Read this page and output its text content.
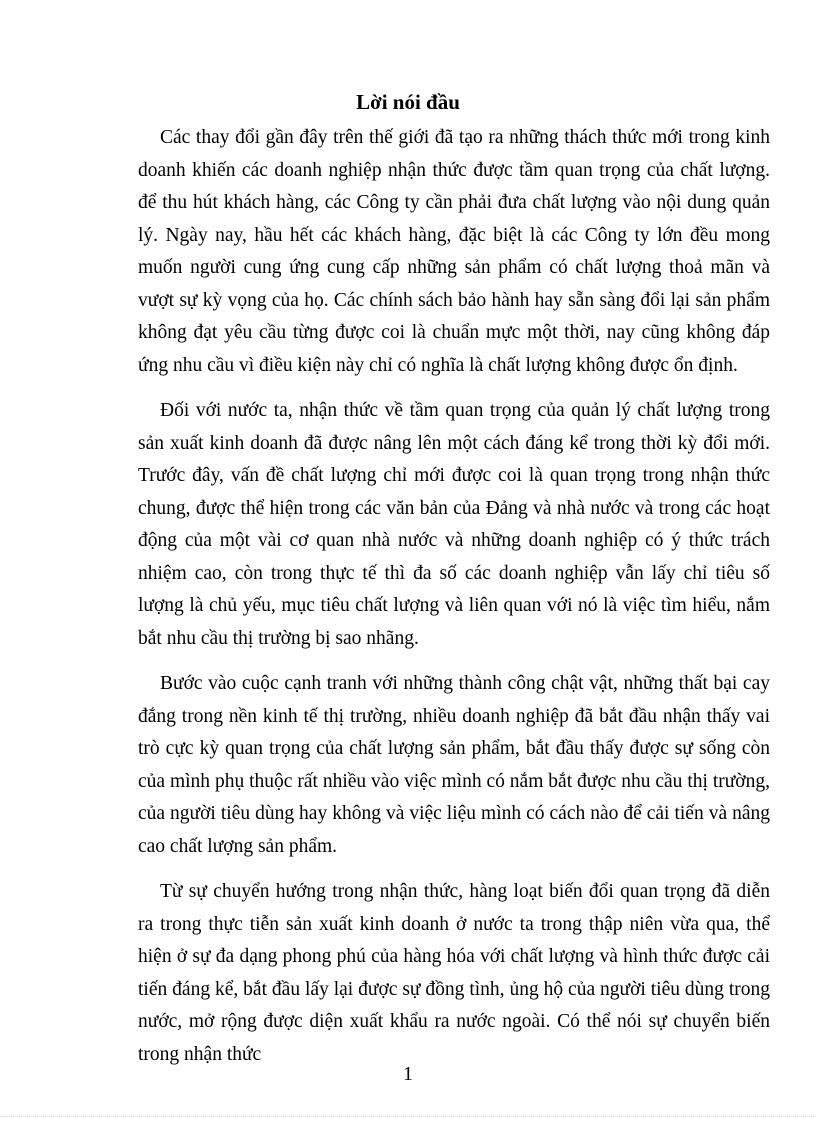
Lời nói đầu

Các thay đổi gần đây trên thế giới đã tạo ra những thách thức mới trong kinh doanh khiến các doanh nghiệp nhận thức được tầm quan trọng của chất lượng. để thu hút khách hàng, các Công ty cần phải đưa chất lượng vào nội dung quản lý. Ngày nay, hầu hết các khách hàng, đặc biệt là các Công ty lớn đều mong muốn người cung ứng cung cấp những sản phẩm có chất lượng thoả mãn và vượt sự kỳ vọng của họ. Các chính sách bảo hành hay sẵn sàng đổi lại sản phẩm không đạt yêu cầu từng được coi là chuẩn mực một thời, nay cũng không đáp ứng nhu cầu vì điều kiện này chỉ có nghĩa là chất lượng không được ổn định.

Đối với nước ta, nhận thức về tầm quan trọng của quản lý chất lượng trong sản xuất kinh doanh đã được nâng lên một cách đáng kể trong thời kỳ đổi mới. Trước đây, vấn đề chất lượng chỉ mới được coi là quan trọng trong nhận thức chung, được thể hiện trong các văn bản của Đảng và nhà nước và trong các hoạt động của một vài cơ quan nhà nước và những doanh nghiệp có ý thức trách nhiệm cao, còn trong thực tế thì đa số các doanh nghiệp vẫn lấy chỉ tiêu số lượng là chủ yếu, mục tiêu chất lượng và liên quan với nó là việc tìm hiểu, nắm bắt nhu cầu thị trường bị sao nhãng.

Bước vào cuộc cạnh tranh với những thành công chật vật, những thất bại cay đắng trong nền kinh tế thị trường, nhiều doanh nghiệp đã bắt đầu nhận thấy vai trò cực kỳ quan trọng của chất lượng sản phẩm, bắt đầu thấy được sự sống còn của mình phụ thuộc rất nhiều vào việc mình có nắm bắt được nhu cầu thị trường, của người tiêu dùng hay không và việc liệu mình có cách nào để cải tiến và nâng cao chất lượng sản phẩm.

Từ sự chuyển hướng trong nhận thức, hàng loạt biến đổi quan trọng đã diễn ra trong thực tiễn sản xuất kinh doanh ở nước ta trong thập niên vừa qua, thể hiện ở sự đa dạng phong phú của hàng hóa với chất lượng và hình thức được cải tiến đáng kể, bắt đầu lấy lại được sự đồng tình, ủng hộ của người tiêu dùng trong nước, mở rộng được diện xuất khẩu ra nước ngoài. Có thể nói sự chuyển biến trong nhận thức

1
